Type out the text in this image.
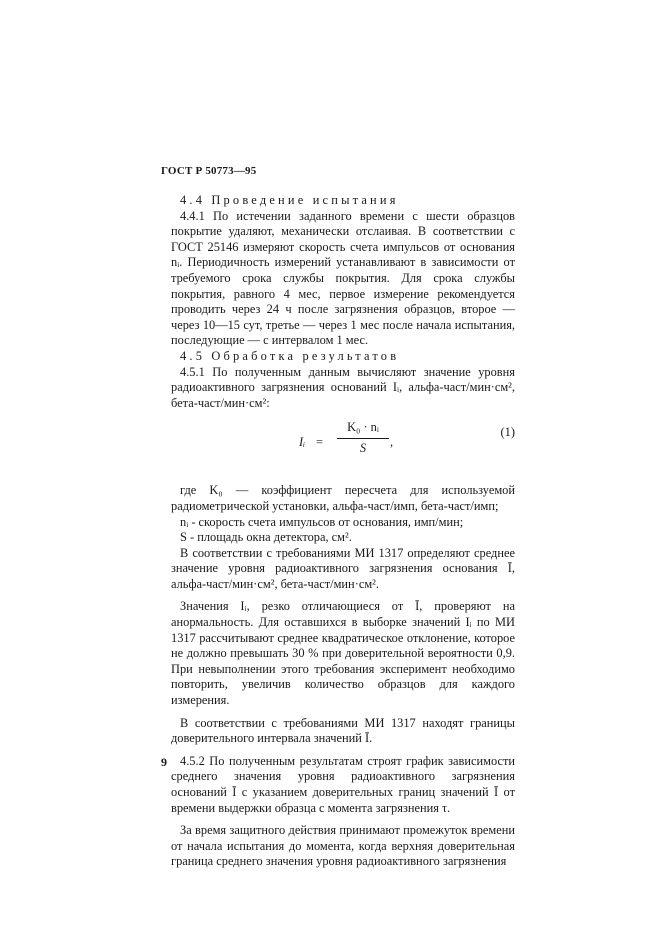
ГОСТ Р 50773—95

4.4 Проведение испытания

4.4.1 По истечении заданного времени с шести образцов покрытие удаляют, механически отслаивая. В соответствии с ГОСТ 25146 измеряют скорость счета импульсов от основания nᵢ. Периодичность измерений устанавливают в зависимости от требуемого срока службы покрытия. Для срока службы покрытия, равного 4 мес, первое измерение рекомендуется проводить через 24 ч после загрязнения образцов, второе — через 10—15 сут, третье — через 1 мес после начала испытания, последующие — с интервалом 1 мес.

4.5 Обработка результатов

4.5.1 По полученным данным вычисляют значение уровня радиоактивного загрязнения оснований Iᵢ, альфа-част/мин·см², бета-част/мин·см²:

Iᵢ =
K₀ · nᵢ
S	,
(1)

где K₀ — коэффициент пересчета для используемой радиометрической установки, альфа-част/имп, бета-част/имп;

nᵢ - скорость счета импульсов от основания, имп/мин;

S - площадь окна детектора, см².

В соответствии с требованиями МИ 1317 определяют среднее значение уровня радиоактивного загрязнения основания Ī, альфа-част/мин·см², бета-част/мин·см².

Значения Iᵢ, резко отличающиеся от Ī, проверяют на анормальность. Для оставшихся в выборке значений Iᵢ по МИ 1317 рассчитывают среднее квадратическое отклонение, которое не должно превышать 30 % при доверительной вероятности 0,9. При невыполнении этого требования эксперимент необходимо повторить, увеличив количество образцов для каждого измерения.

В соответствии с требованиями МИ 1317 находят границы доверительного интервала значений Ī.

4.5.2 По полученным результатам строят график зависимости среднего значения уровня радиоактивного загрязнения оснований Ī с указанием доверительных границ значений Ī от времени выдержки образца с момента загрязнения τ.

За время защитного действия принимают промежуток времени от начала испытания до момента, когда верхняя доверительная граница среднего значения уровня радиоактивного загрязнения

9
